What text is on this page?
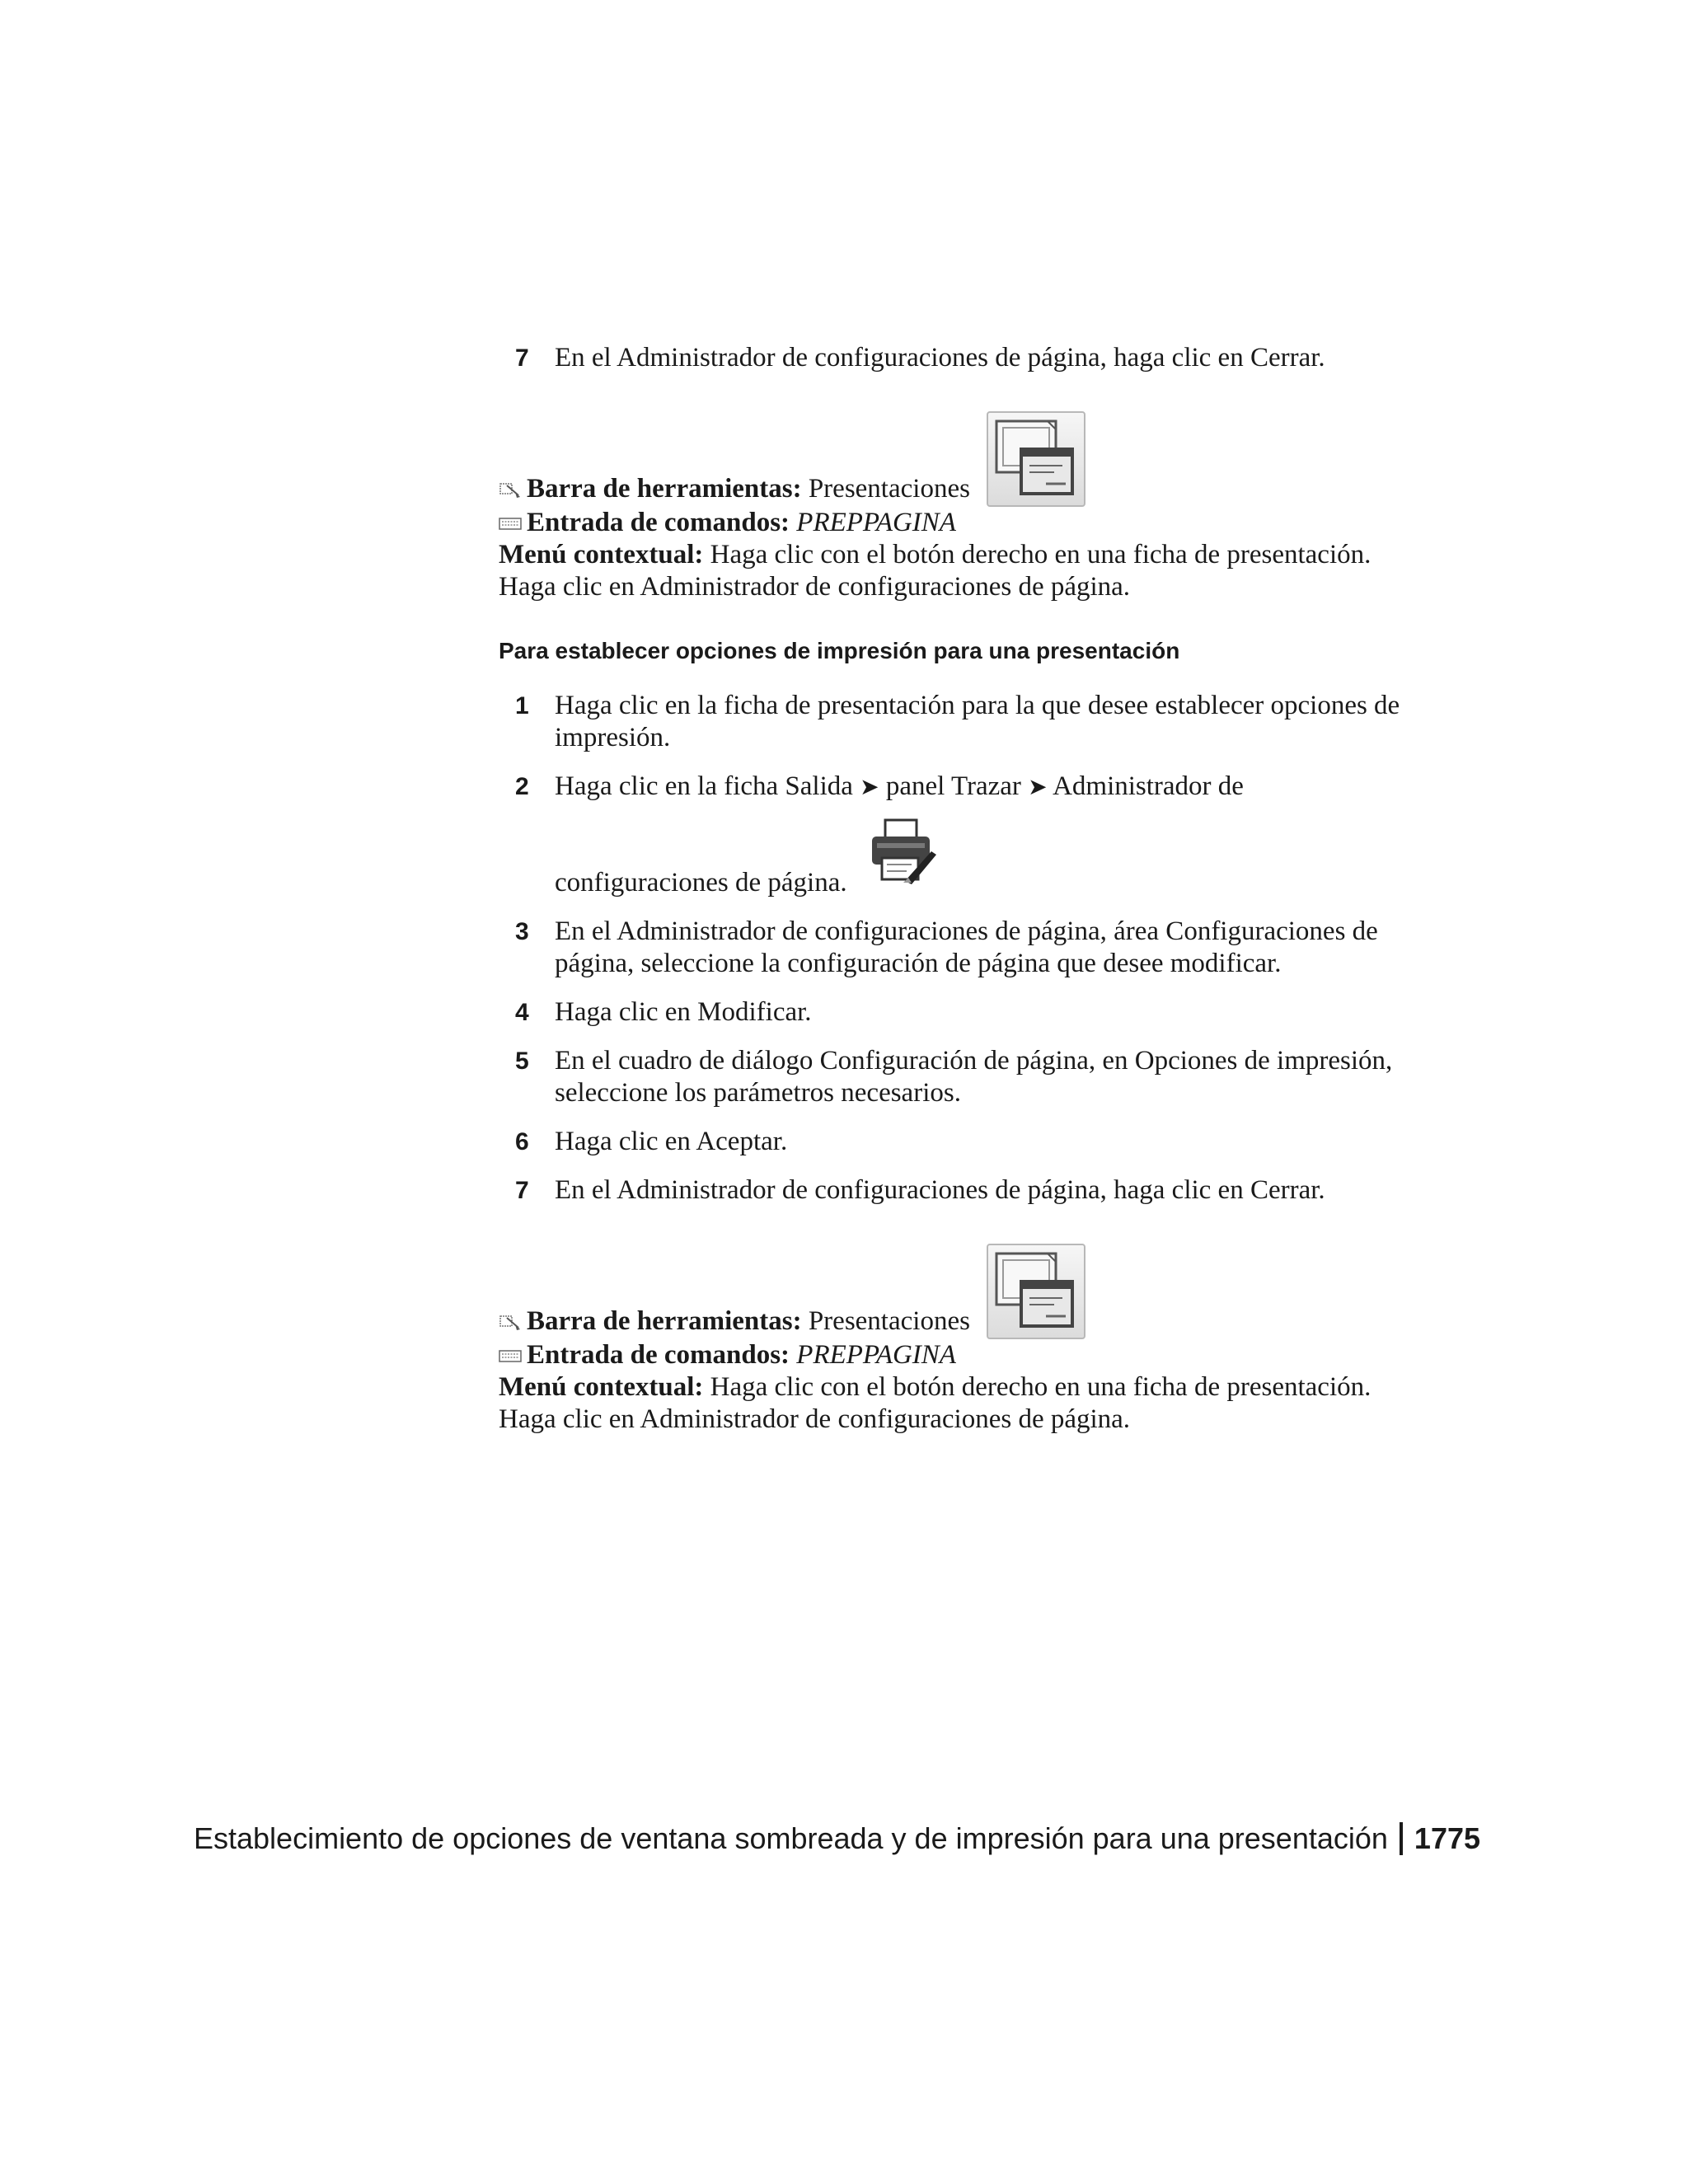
7 En el Administrador de configuraciones de página, haga clic en Cerrar.
Barra de herramientas: Presentaciones
Entrada de comandos: PREPPAGINA
Menú contextual: Haga clic con el botón derecho en una ficha de presentación. Haga clic en Administrador de configuraciones de página.
Para establecer opciones de impresión para una presentación
1 Haga clic en la ficha de presentación para la que desee establecer opciones de impresión.
2 Haga clic en la ficha Salida ➤ panel Trazar ➤ Administrador de
configuraciones de página.
3 En el Administrador de configuraciones de página, área Configuraciones de página, seleccione la configuración de página que desee modificar.
4 Haga clic en Modificar.
5 En el cuadro de diálogo Configuración de página, en Opciones de impresión, seleccione los parámetros necesarios.
6 Haga clic en Aceptar.
7 En el Administrador de configuraciones de página, haga clic en Cerrar.
Barra de herramientas: Presentaciones
Entrada de comandos: PREPPAGINA
Menú contextual: Haga clic con el botón derecho en una ficha de presentación. Haga clic en Administrador de configuraciones de página.
Establecimiento de opciones de ventana sombreada y de impresión para una presentación 1775
